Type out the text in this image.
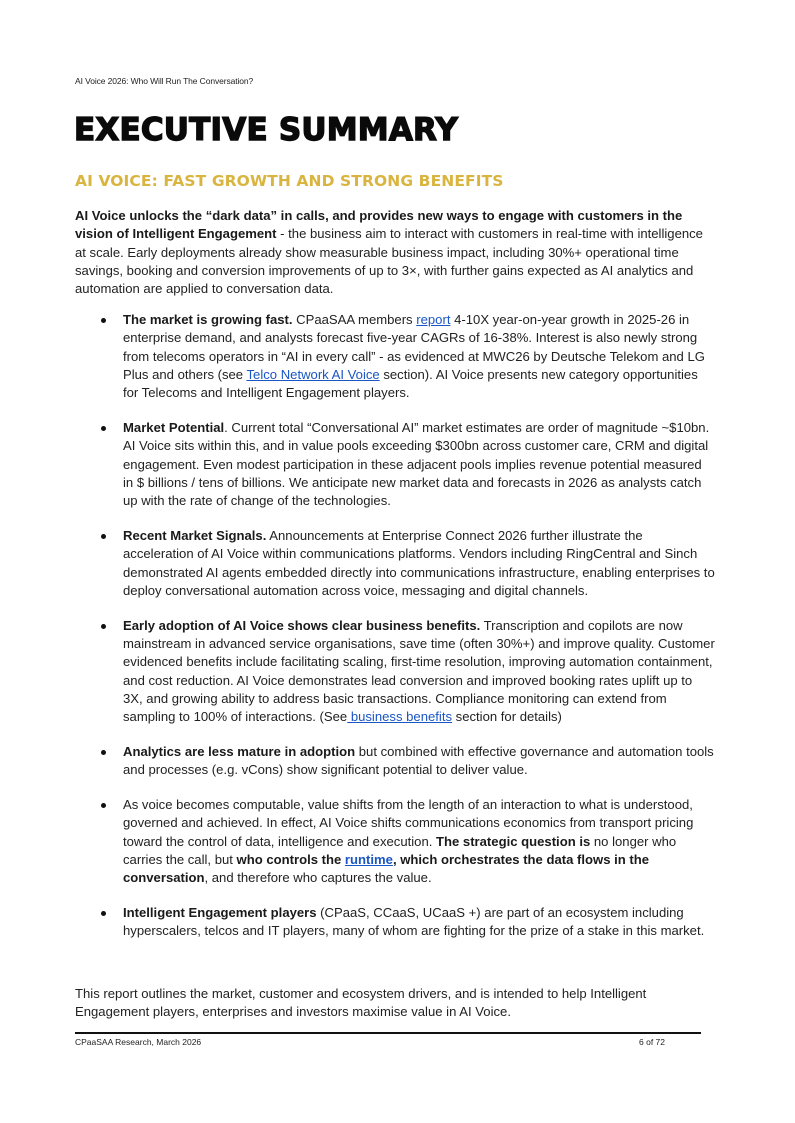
AI Voice 2026: Who Will Run The Conversation?
EXECUTIVE SUMMARY
AI VOICE: FAST GROWTH AND STRONG BENEFITS

AI Voice unlocks the “dark data” in calls, and provides new ways to engage with customers in the vision of Intelligent Engagement - the business aim to interact with customers in real-time with intelligence at scale. Early deployments already show measurable business impact, including 30%+ operational time savings, booking and conversion improvements of up to 3×, with further gains expected as AI analytics and automation are applied to conversation data.

The market is growing fast. CPaaSAA members report 4-10X year-on-year growth in 2025-26 in enterprise demand, and analysts forecast five-year CAGRs of 16-38%. Interest is also newly strong from telecoms operators in “AI in every call” - as evidenced at MWC26 by Deutsche Telekom and LG Plus and others (see Telco Network AI Voice section). AI Voice presents new category opportunities for Telecoms and Intelligent Engagement players.
Market Potential. Current total “Conversational AI” market estimates are order of magnitude ~$10bn. AI Voice sits within this, and in value pools exceeding $300bn across customer care, CRM and digital engagement. Even modest participation in these adjacent pools implies revenue potential measured in $ billions / tens of billions. We anticipate new market data and forecasts in 2026 as analysts catch up with the rate of change of the technologies.
Recent Market Signals. Announcements at Enterprise Connect 2026 further illustrate the acceleration of AI Voice within communications platforms. Vendors including RingCentral and Sinch demonstrated AI agents embedded directly into communications infrastructure, enabling enterprises to deploy conversational automation across voice, messaging and digital channels.
Early adoption of AI Voice shows clear business benefits. Transcription and copilots are now mainstream in advanced service organisations, save time (often 30%+) and improve quality. Customer evidenced benefits include facilitating scaling, first-time resolution, improving automation containment, and cost reduction. AI Voice demonstrates lead conversion and improved booking rates uplift up to 3X, and growing ability to address basic transactions. Compliance monitoring can extend from sampling to 100% of interactions. (See business benefits section for details)
Analytics are less mature in adoption but combined with effective governance and automation tools and processes (e.g. vCons) show significant potential to deliver value.
As voice becomes computable, value shifts from the length of an interaction to what is understood, governed and achieved. In effect, AI Voice shifts communications economics from transport pricing toward the control of data, intelligence and execution. The strategic question is no longer who carries the call, but who controls the runtime, which orchestrates the data flows in the conversation, and therefore who captures the value.
Intelligent Engagement players (CPaaS, CCaaS, UCaaS +) are part of an ecosystem including hyperscalers, telcos and IT players, many of whom are fighting for the prize of a stake in this market.

This report outlines the market, customer and ecosystem drivers, and is intended to help Intelligent Engagement players, enterprises and investors maximise value in AI Voice.

CPaaSAA Research, March 2026	6 of 72
